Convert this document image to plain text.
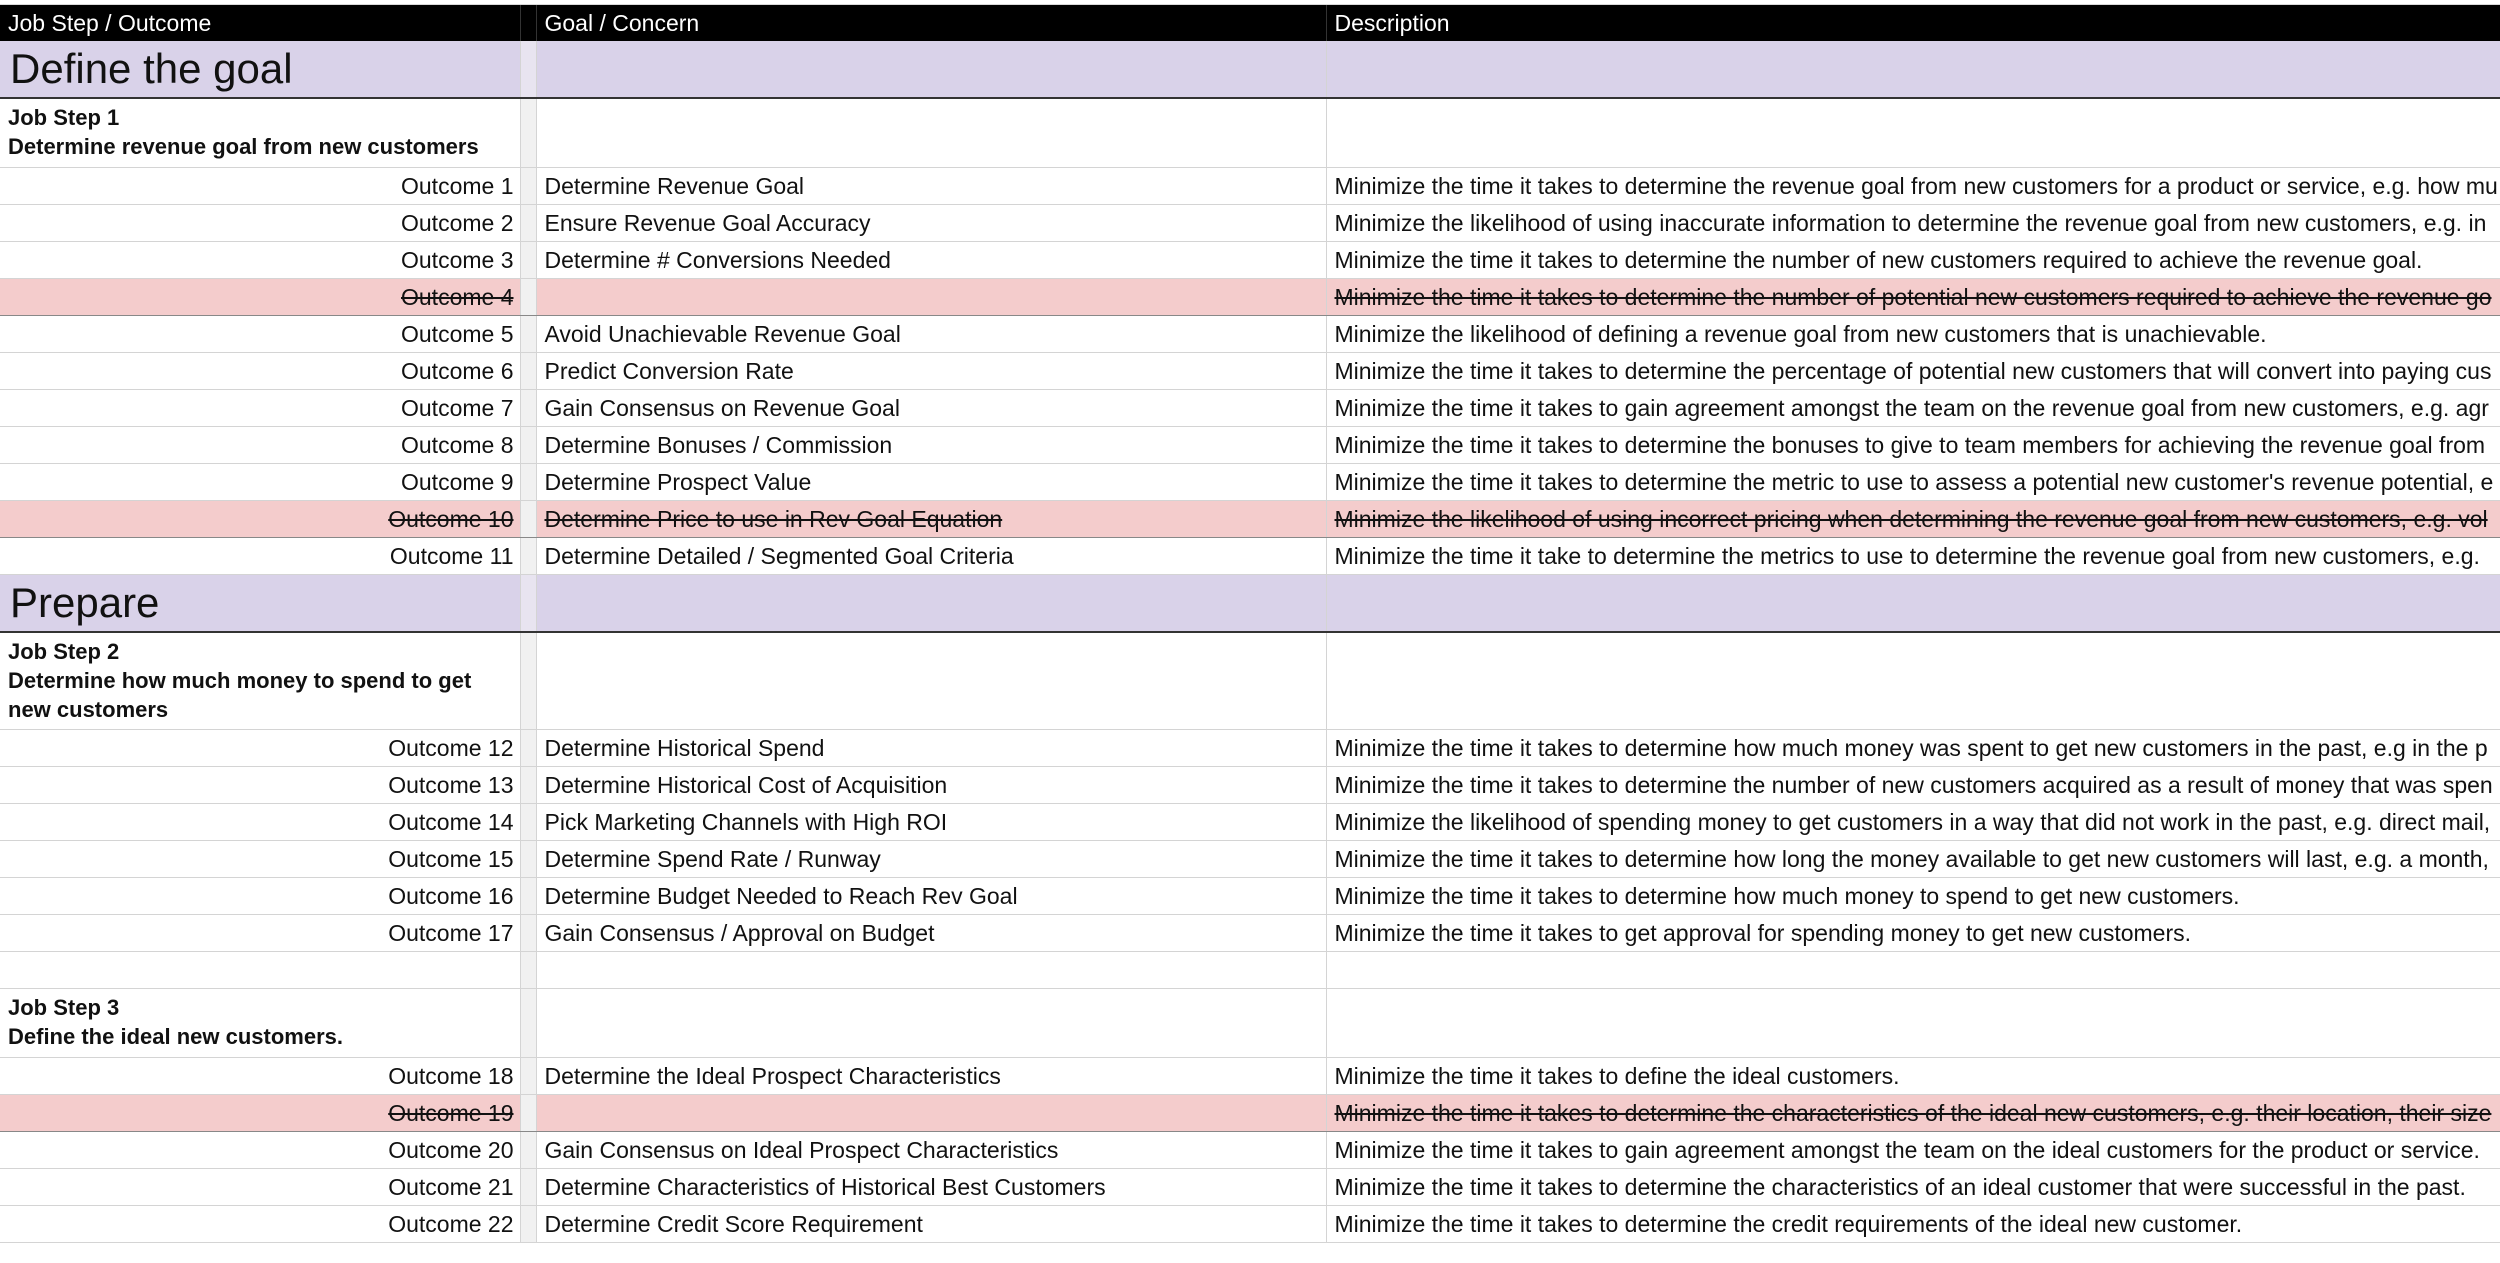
Job Step / Outcome		Goal / Concern	Description
Define the goal			

Job Step 1
Determine revenue goal from new customers			

Outcome 1		Determine Revenue Goal	Minimize the time it takes to determine the revenue goal from new customers for a product or service, e.g. how mu
Outcome 2		Ensure Revenue Goal Accuracy	Minimize the likelihood of using inaccurate information to determine the revenue goal from new customers, e.g. in
Outcome 3		Determine # Conversions Needed	Minimize the time it takes to determine the number of new customers required to achieve the revenue goal.
Outcome 4			Minimize the time it takes to determine the number of potential new customers required to achieve the revenue go
Outcome 5		Avoid Unachievable Revenue Goal	Minimize the likelihood of defining a revenue goal from new customers that is unachievable.
Outcome 6		Predict Conversion Rate	Minimize the time it takes to determine the percentage of potential new customers that will convert into paying cus
Outcome 7		Gain Consensus on Revenue Goal	Minimize the time it takes to gain agreement amongst the team on the revenue goal from new customers, e.g. agr
Outcome 8		Determine Bonuses / Commission	Minimize the time it takes to determine the bonuses to give to team members for achieving the revenue goal from
Outcome 9		Determine Prospect Value	Minimize the time it takes to determine the metric to use to assess a potential new customer's revenue potential, e
Outcome 10		Determine Price to use in Rev Goal Equation	Minimize the likelihood of using incorrect pricing when determining the revenue goal from new customers, e.g. vol
Outcome 11		Determine Detailed / Segmented Goal Criteria	Minimize the time it take to determine the metrics to use to determine the revenue goal from new customers, e.g.
Prepare			

Job Step 2
Determine how much money to spend to get new customers			

Outcome 12		Determine Historical Spend	Minimize the time it takes to determine how much money was spent to get new customers in the past, e.g in the p
Outcome 13		Determine Historical Cost of Acquisition	Minimize the time it takes to determine the number of new customers acquired as a result of money that was spen
Outcome 14		Pick Marketing Channels with High ROI	Minimize the likelihood of spending money to get customers in a way that did not work in the past, e.g. direct mail,
Outcome 15		Determine Spend Rate / Runway	Minimize the time it takes to determine how long the money available to get new customers will last, e.g. a month,
Outcome 16		Determine Budget Needed to Reach Rev Goal	Minimize the time it takes to determine how much money to spend to get new customers.
Outcome 17		Gain Consensus / Approval on Budget	Minimize the time it takes to get approval for spending money to get new customers.

Job Step 3
Define the ideal new customers.			

Outcome 18		Determine the Ideal Prospect Characteristics	Minimize the time it takes to define the ideal customers.
Outcome 19			Minimize the time it takes to determine the characteristics of the ideal new customers, e.g. their location, their size
Outcome 20		Gain Consensus on Ideal Prospect Characteristics	Minimize the time it takes to gain agreement amongst the team on the ideal customers for the product or service.
Outcome 21		Determine Characteristics of Historical Best Customers	Minimize the time it takes to determine the characteristics of an ideal customer that were successful in the past.
Outcome 22		Determine Credit Score Requirement	Minimize the time it takes to determine the credit requirements of the ideal new customer.
